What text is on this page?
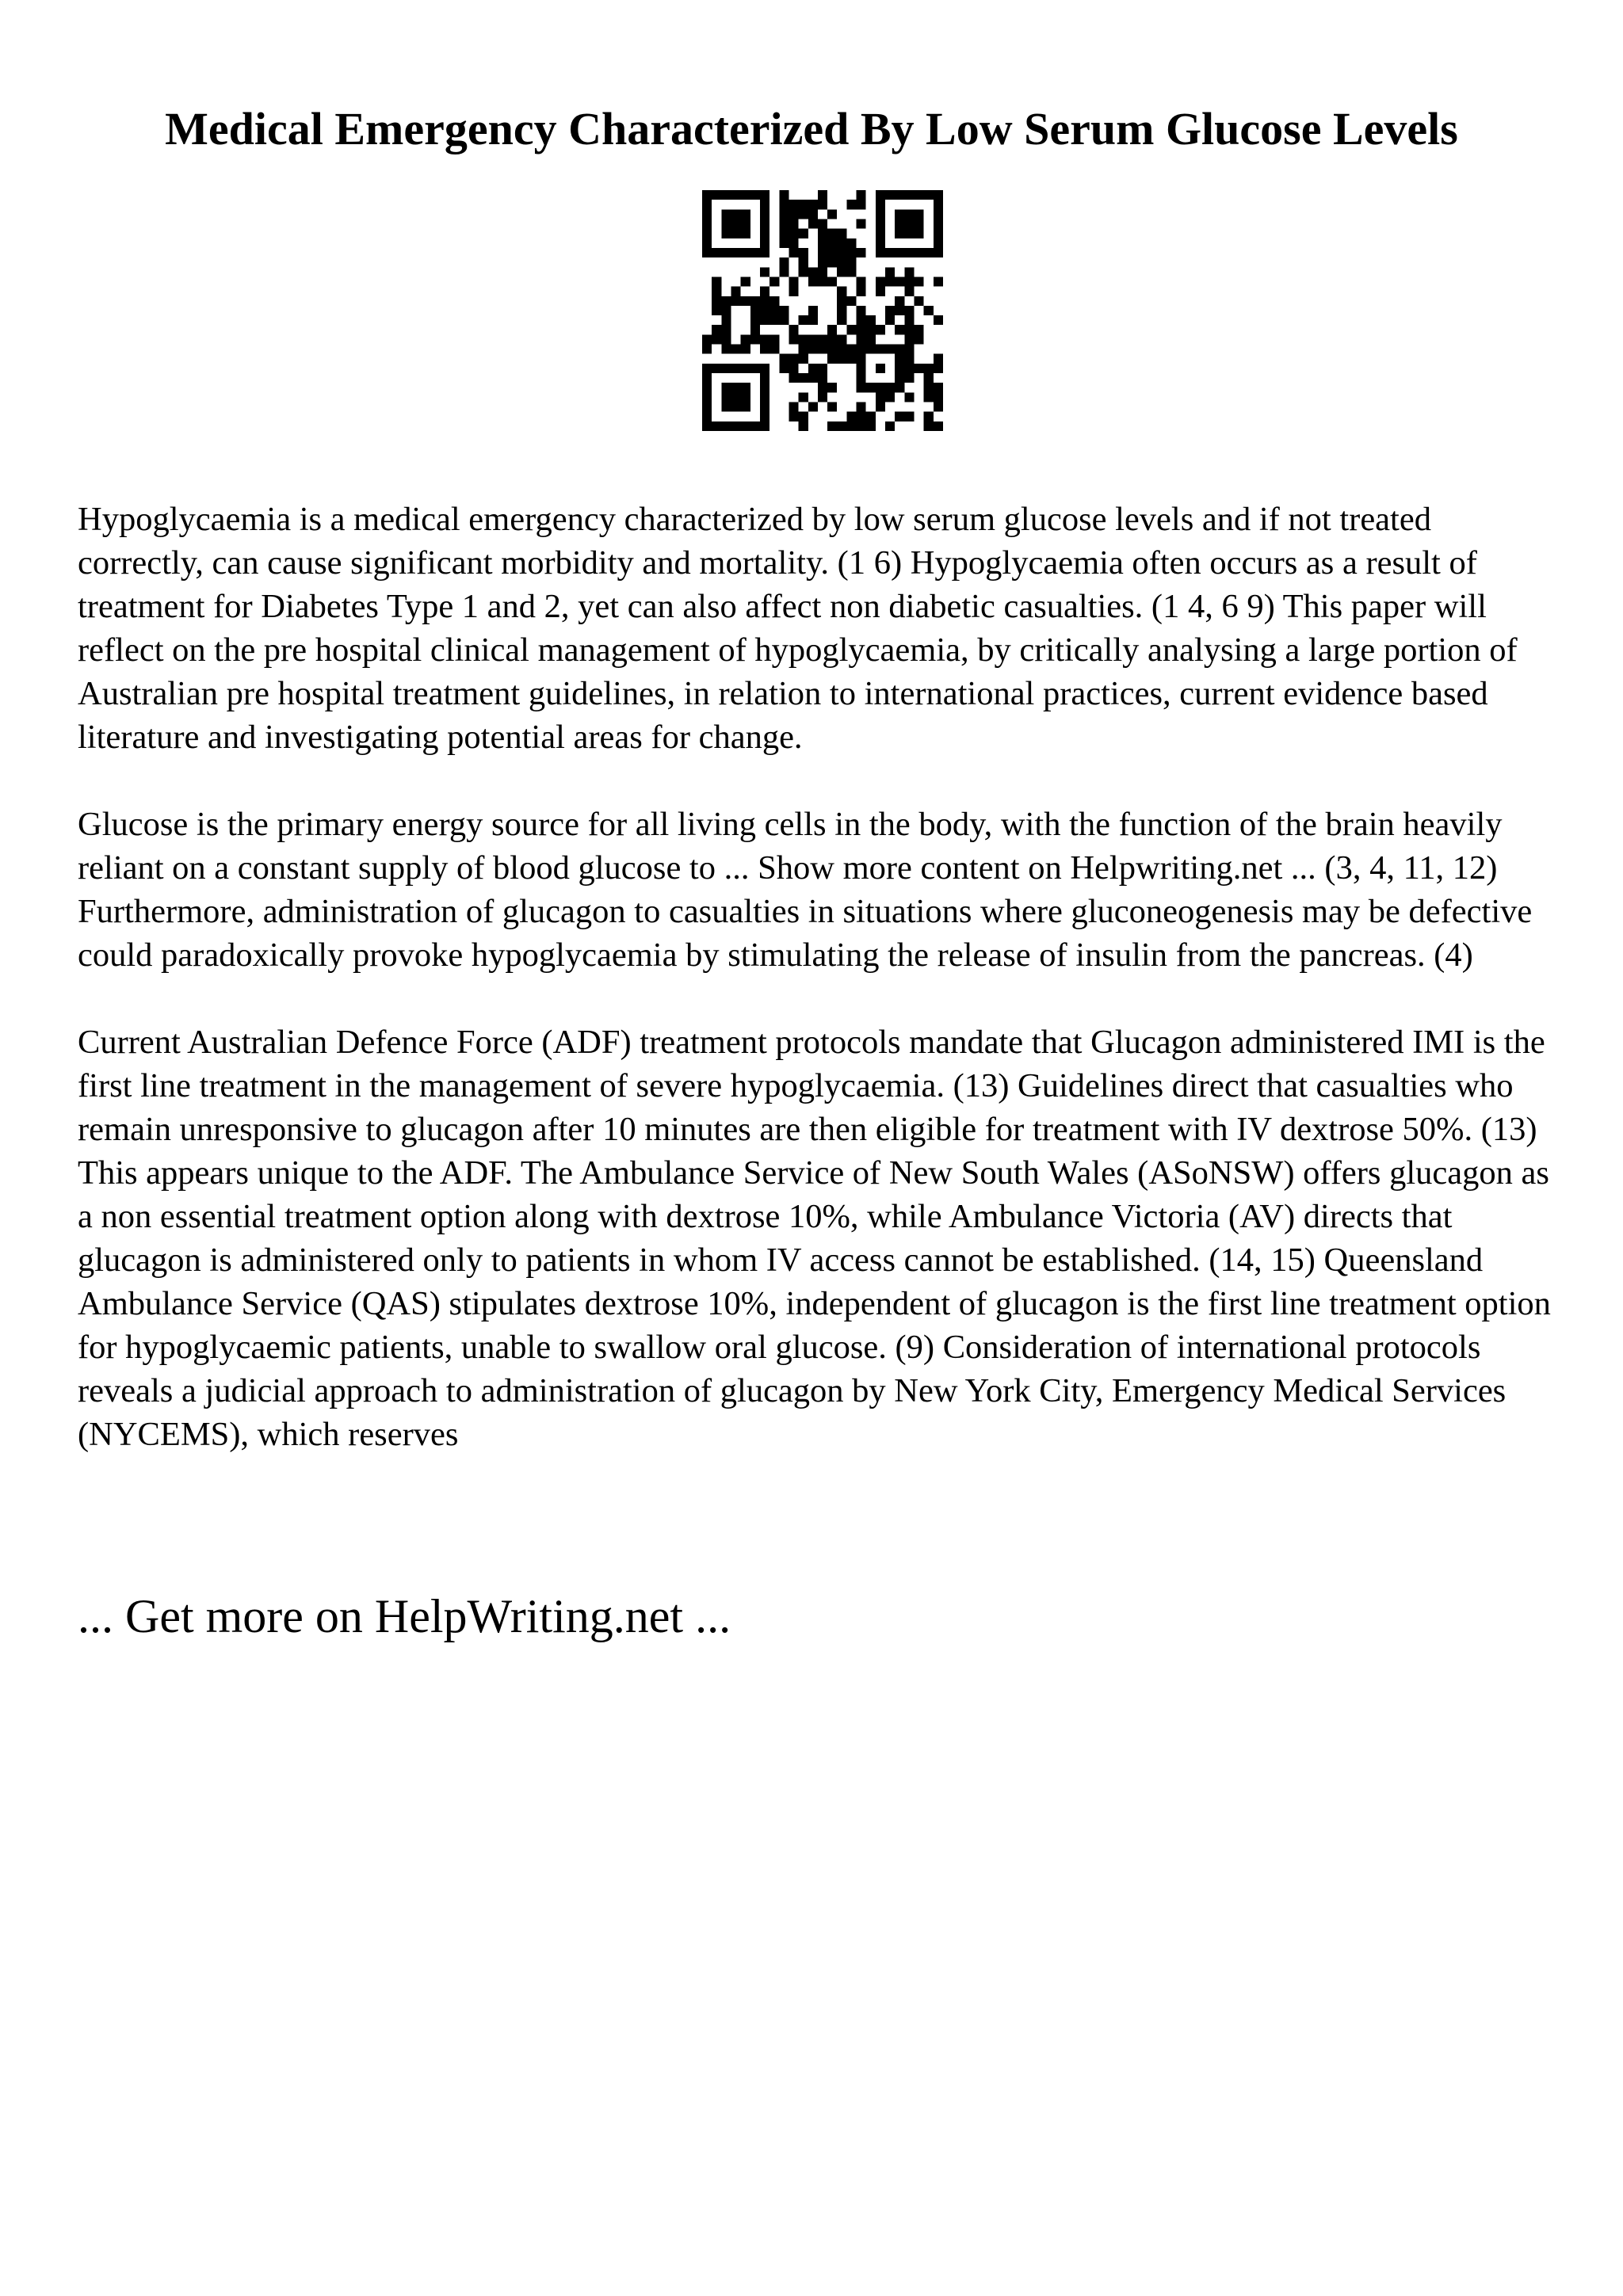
Medical Emergency Characterized By Low Serum Glucose Levels

Hypoglycaemia is a medical emergency characterized by low serum glucose levels and if not treated correctly, can cause significant morbidity and mortality. (1 6) Hypoglycaemia often occurs as a result of treatment for Diabetes Type 1 and 2, yet can also affect non diabetic casualties. (1 4, 6 9) This paper will reflect on the pre hospital clinical management of hypoglycaemia, by critically analysing a large portion of Australian pre hospital treatment guidelines, in relation to international practices, current evidence based literature and investigating potential areas for change.

Glucose is the primary energy source for all living cells in the body, with the function of the brain heavily reliant on a constant supply of blood glucose to ... Show more content on Helpwriting.net ... (3, 4, 11, 12) Furthermore, administration of glucagon to casualties in situations where gluconeogenesis may be defective could paradoxically provoke hypoglycaemia by stimulating the release of insulin from the pancreas. (4)

Current Australian Defence Force (ADF) treatment protocols mandate that Glucagon administered IMI is the first line treatment in the management of severe hypoglycaemia. (13) Guidelines direct that casualties who remain unresponsive to glucagon after 10 minutes are then eligible for treatment with IV dextrose 50%. (13) This appears unique to the ADF. The Ambulance Service of New South Wales (ASoNSW) offers glucagon as a non essential treatment option along with dextrose 10%, while Ambulance Victoria (AV) directs that glucagon is administered only to patients in whom IV access cannot be established. (14, 15) Queensland Ambulance Service (QAS) stipulates dextrose 10%, independent of glucagon is the first line treatment option for hypoglycaemic patients, unable to swallow oral glucose. (9) Consideration of international protocols reveals a judicial approach to administration of glucagon by New York City, Emergency Medical Services (NYCEMS), which reserves

... Get more on HelpWriting.net ...
